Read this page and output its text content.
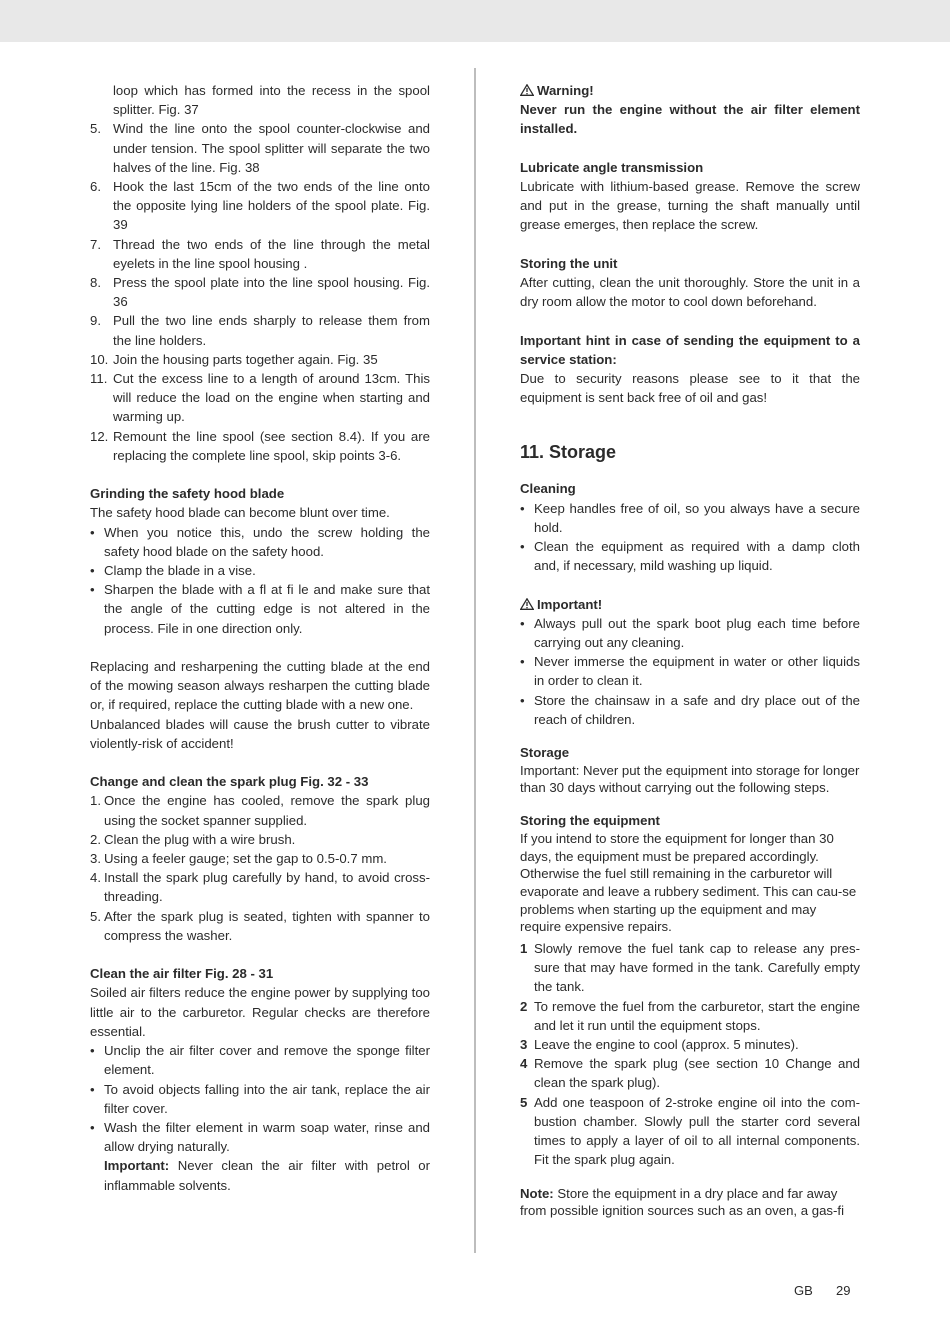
loop which has formed into the recess in the spool splitter. Fig. 37

5. Wind the line onto the spool counter-clockwise and under tension. The spool splitter will separate the two halves of the line. Fig. 38
6. Hook the last 15cm of the two ends of the line onto the opposite lying line holders of the spool plate. Fig. 39
7. Thread the two ends of the line through the metal eyelets in the line spool housing .
8. Press the spool plate into the line spool housing. Fig. 36
9. Pull the two line ends sharply to release them from the line holders.
10. Join the housing parts together again. Fig. 35
11. Cut the excess line to a length of around 13cm. This will reduce the load on the engine when starting and warming up.
12. Remount the line spool (see section 8.4). If you are replacing the complete line spool, skip points 3-6.

Grinding the safety hood blade

The safety hood blade can become blunt over time.

• When you notice this, undo the screw holding the safety hood blade on the safety hood.
• Clamp the blade in a vise.
• Sharpen the blade with a fl at fi le and make sure that the angle of the cutting edge is not altered in the process. File in one direction only.

Replacing and resharpening the cutting blade at the end of the mowing season always resharpen the cutting blade or, if required, replace the cutting blade with a new one.

Unbalanced blades will cause the brush cutter to vibrate violently-risk of accident!

Change and clean the spark plug Fig. 32 - 33

1. Once the engine has cooled, remove the spark plug using the socket spanner supplied.
2. Clean the plug with a wire brush.
3. Using a feeler gauge; set the gap to 0.5-0.7 mm.
4. Install the spark plug carefully by hand, to avoid cross-threading.
5. After the spark plug is seated, tighten with spanner to compress the washer.

Clean the air filter Fig. 28 - 31

Soiled air filters reduce the engine power by supplying too little air to the carburetor. Regular checks are therefore essential.

• Unclip the air filter cover and remove the sponge filter element.
• To avoid objects falling into the air tank, replace the air filter cover.
• Wash the filter element in warm soap water, rinse and allow drying naturally.

Important: Never clean the air filter with petrol or inflammable solvents.

Warning!

Never run the engine without the air filter element installed.

Lubricate angle transmission

Lubricate with lithium-based grease. Remove the screw and put in the grease, turning the shaft manually until grease emerges, then replace the screw.

Storing the unit

After cutting, clean the unit thoroughly. Store the unit in a dry room allow the motor to cool down beforehand.

Important hint in case of sending the equipment to a service station:

Due to security reasons please see to it that the equipment is sent back free of oil and gas!

11. Storage

Cleaning

• Keep handles free of oil, so you always have a secure hold.
• Clean the equipment as required with a damp cloth and, if necessary, mild washing up liquid.

Important!

• Always pull out the spark boot plug each time before carrying out any cleaning.
• Never immerse the equipment in water or other liquids in order to clean it.
• Store the chainsaw in a safe and dry place out of the reach of children.

Storage

Important: Never put the equipment into storage for longer than 30 days without carrying out the following steps.

Storing the equipment

If you intend to store the equipment for longer than 30 days, the equipment must be prepared accordingly. Otherwise the fuel still remaining in the carburetor will evaporate and leave a rubbery sediment. This can cau-se problems when starting up the equipment and may require expensive repairs.

1 Slowly remove the fuel tank cap to release any pres-sure that may have formed in the tank. Carefully empty the tank.
2 To remove the fuel from the carburetor, start the engine and let it run until the equipment stops.
3 Leave the engine to cool (approx. 5 minutes).
4 Remove the spark plug (see section 10 Change and clean the spark plug).
5 Add one teaspoon of 2-stroke engine oil into the com-bustion chamber. Slowly pull the starter cord several times to apply a layer of oil to all internal components. Fit the spark plug again.

Note: Store the equipment in a dry place and far away from possible ignition sources such as an oven, a gas-fi

GB 29
